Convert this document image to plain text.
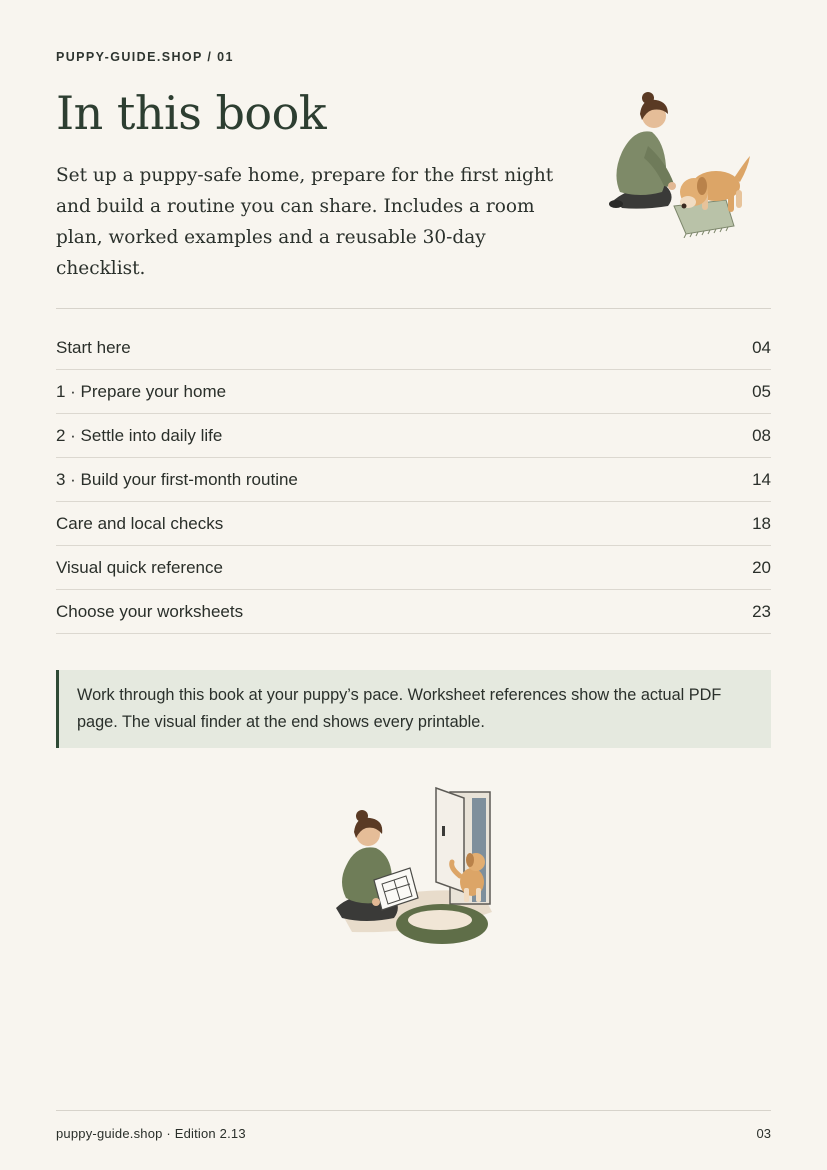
PUPPY-GUIDE.SHOP / 01
In this book

Set up a puppy-safe home, prepare for the first night and build a routine you can share. Includes a room plan, worked examples and a reusable 30-day checklist.

Start here	04
1 · Prepare your home	05
2 · Settle into daily life	08
3 · Build your first-month routine	14
Care and local checks	18
Visual quick reference	20
Choose your worksheets	23
Work through this book at your puppy’s pace. Worksheet references show the actual PDF page. The visual finder at the end shows every printable.
puppy-guide.shop · Edition 2.13	03
